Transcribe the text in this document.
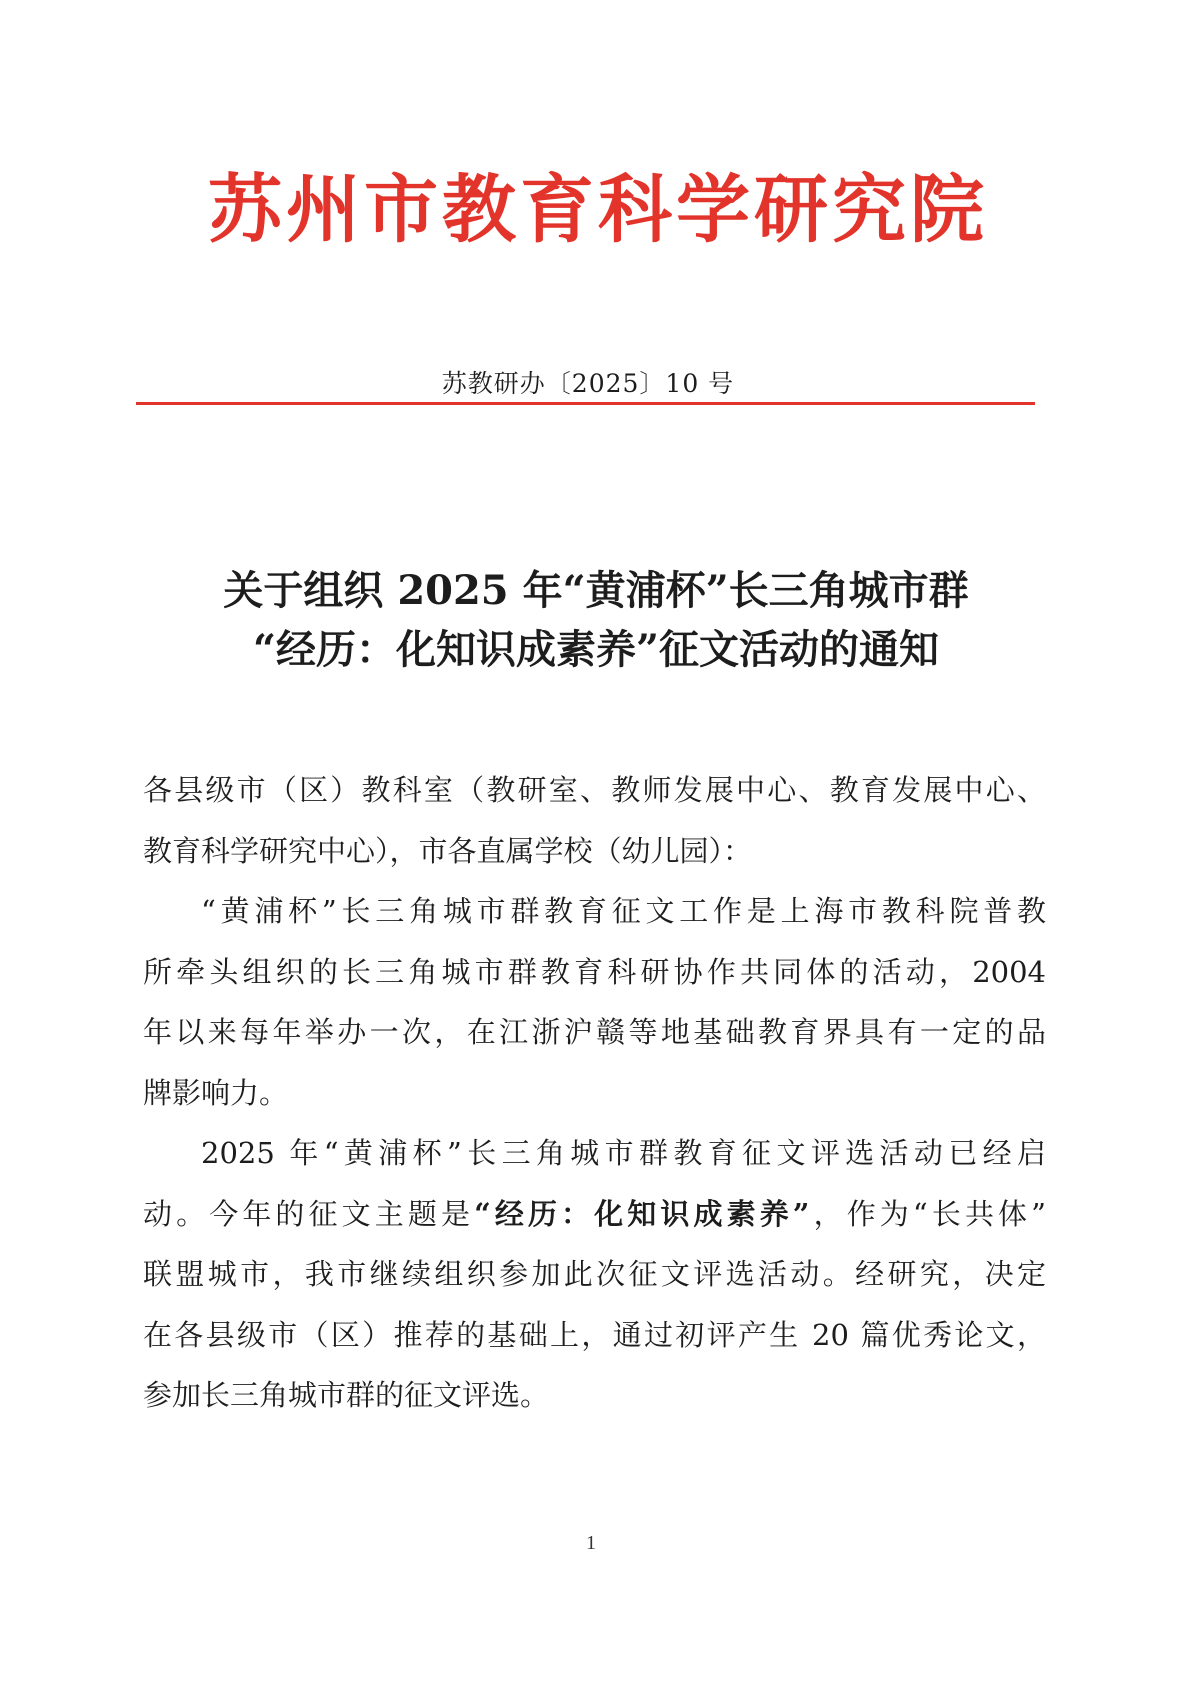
苏州市教育科学研究院
苏教研办〔2025〕10 号
关于组织 2025 年“黄浦杯”长三角城市群
“经历：化知识成素养”征文活动的通知
各县级市（区）教科室（教研室、教师发展中心、教育发展中心、
教育科学研究中心），市各直属学校（幼儿园）：
“黄浦杯”长三角城市群教育征文工作是上海市教科院普教
所牵头组织的长三角城市群教育科研协作共同体的活动，2004
年以来每年举办一次，在江浙沪赣等地基础教育界具有一定的品
牌影响力。
2025 年“黄浦杯”长三角城市群教育征文评选活动已经启
动。今年的征文主题是“经历：化知识成素养”，作为“长共体”
联盟城市，我市继续组织参加此次征文评选活动。经研究，决定
在各县级市（区）推荐的基础上，通过初评产生 20 篇优秀论文，
参加长三角城市群的征文评选。
1
